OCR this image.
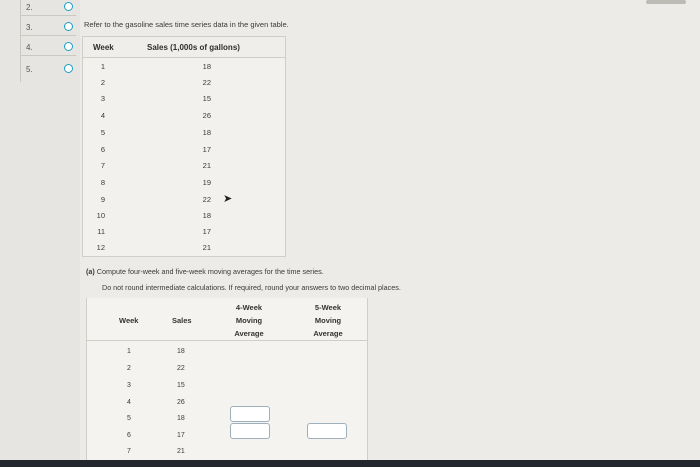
2.
3.
4.
5.
Refer to the gasoline sales time series data in the given table.
Week	Sales (1,000s of gallons)
1	18
2	22
3	15
4	26
5	18
6	17
7	21
8	19
9	22
10	18
11	17
12	21
➤
(a) Compute four-week and five-week moving averages for the time series.
Do not round intermediate calculations. If required, round your answers to two decimal places.
Week	Sales
4-Week
Moving
Average
5-Week
Moving
Average
1	18
2	22
3	15
4	26
5	18
6	17
7	21
